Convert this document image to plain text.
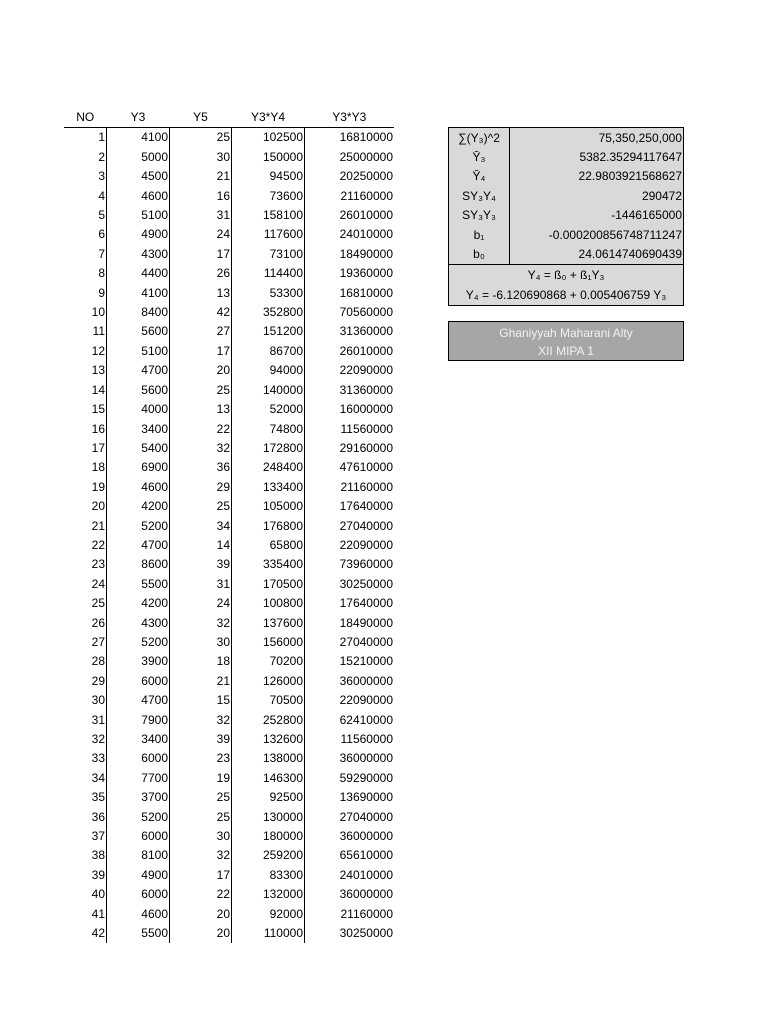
NO	Y3	Y5	Y3*Y4	Y3*Y3
1	4100	25	102500	16810000
2	5000	30	150000	25000000
3	4500	21	94500	20250000
4	4600	16	73600	21160000
5	5100	31	158100	26010000
6	4900	24	117600	24010000
7	4300	17	73100	18490000
8	4400	26	114400	19360000
9	4100	13	53300	16810000
10	8400	42	352800	70560000
11	5600	27	151200	31360000
12	5100	17	86700	26010000
13	4700	20	94000	22090000
14	5600	25	140000	31360000
15	4000	13	52000	16000000
16	3400	22	74800	11560000
17	5400	32	172800	29160000
18	6900	36	248400	47610000
19	4600	29	133400	21160000
20	4200	25	105000	17640000
21	5200	34	176800	27040000
22	4700	14	65800	22090000
23	8600	39	335400	73960000
24	5500	31	170500	30250000
25	4200	24	100800	17640000
26	4300	32	137600	18490000
27	5200	30	156000	27040000
28	3900	18	70200	15210000
29	6000	21	126000	36000000
30	4700	15	70500	22090000
31	7900	32	252800	62410000
32	3400	39	132600	11560000
33	6000	23	138000	36000000
34	7700	19	146300	59290000
35	3700	25	92500	13690000
36	5200	25	130000	27040000
37	6000	30	180000	36000000
38	8100	32	259200	65610000
39	4900	17	83300	24010000
40	6000	22	132000	36000000
41	4600	20	92000	21160000
42	5500	20	110000	30250000
∑(Y₃)^2	75,350,250,000
Ȳ₃	5382.35294117647
Ȳ₄	22.9803921568627
SY₃Y₄	290472
SY₃Y₃	-1446165000
b₁	-0.000200856748711247
b₀	24.0614740690439
Y₄ = ß₀ + ß₁Y₃
Y₄ = -6.120690868 + 0.005406759 Y₃
Ghaniyyah Maharani Alty
XII MIPA 1
